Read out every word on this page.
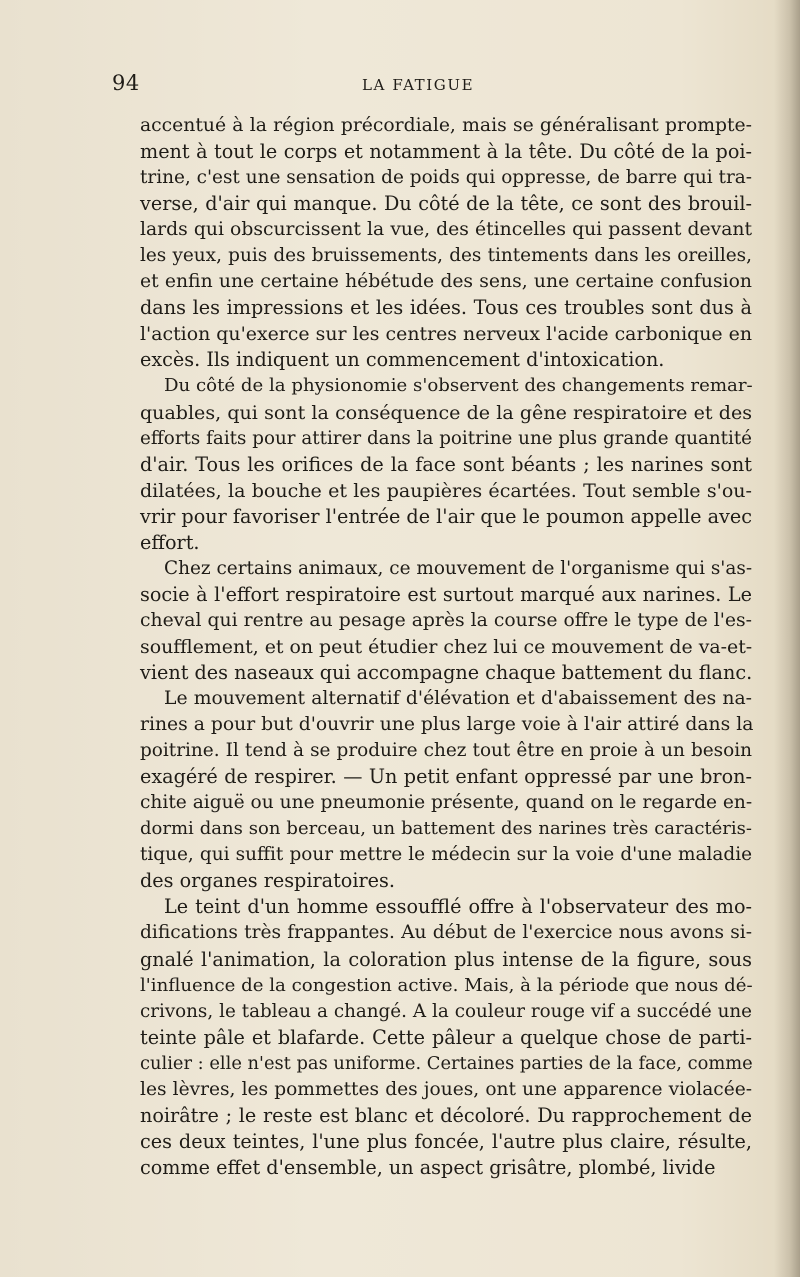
94	LA FATIGUE
accentué à la région précordiale, mais se généralisant prompte-
ment à tout le corps et notamment à la tête. Du côté de la poi-
trine, c'est une sensation de poids qui oppresse, de barre qui tra-
verse, d'air qui manque. Du côté de la tête, ce sont des brouil-
lards qui obscurcissent la vue, des étincelles qui passent devant
les yeux, puis des bruissements, des tintements dans les oreilles,
et enfin une certaine hébétude des sens, une certaine confusion
dans les impressions et les idées. Tous ces troubles sont dus à
l'action qu'exerce sur les centres nerveux l'acide carbonique en
excès. Ils indiquent un commencement d'intoxication.
Du côté de la physionomie s'observent des changements remar-
quables, qui sont la conséquence de la gêne respiratoire et des
efforts faits pour attirer dans la poitrine une plus grande quantité
d'air. Tous les orifices de la face sont béants ; les narines sont
dilatées, la bouche et les paupières écartées. Tout semble s'ou-
vrir pour favoriser l'entrée de l'air que le poumon appelle avec
effort.
Chez certains animaux, ce mouvement de l'organisme qui s'as-
socie à l'effort respiratoire est surtout marqué aux narines. Le
cheval qui rentre au pesage après la course offre le type de l'es-
soufflement, et on peut étudier chez lui ce mouvement de va-et-
vient des naseaux qui accompagne chaque battement du flanc.
Le mouvement alternatif d'élévation et d'abaissement des na-
rines a pour but d'ouvrir une plus large voie à l'air attiré dans la
poitrine. Il tend à se produire chez tout être en proie à un besoin
exagéré de respirer. — Un petit enfant oppressé par une bron-
chite aiguë ou une pneumonie présente, quand on le regarde en-
dormi dans son berceau, un battement des narines très caractéris-
tique, qui suffit pour mettre le médecin sur la voie d'une maladie
des organes respiratoires.
Le teint d'un homme essoufflé offre à l'observateur des mo-
difications très frappantes. Au début de l'exercice nous avons si-
gnalé l'animation, la coloration plus intense de la figure, sous
l'influence de la congestion active. Mais, à la période que nous dé-
crivons, le tableau a changé. A la couleur rouge vif a succédé une
teinte pâle et blafarde. Cette pâleur a quelque chose de parti-
culier : elle n'est pas uniforme. Certaines parties de la face, comme
les lèvres, les pommettes des joues, ont une apparence violacée-
noirâtre ; le reste est blanc et décoloré. Du rapprochement de
ces deux teintes, l'une plus foncée, l'autre plus claire, résulte,
comme effet d'ensemble, un aspect grisâtre, plombé, livide
